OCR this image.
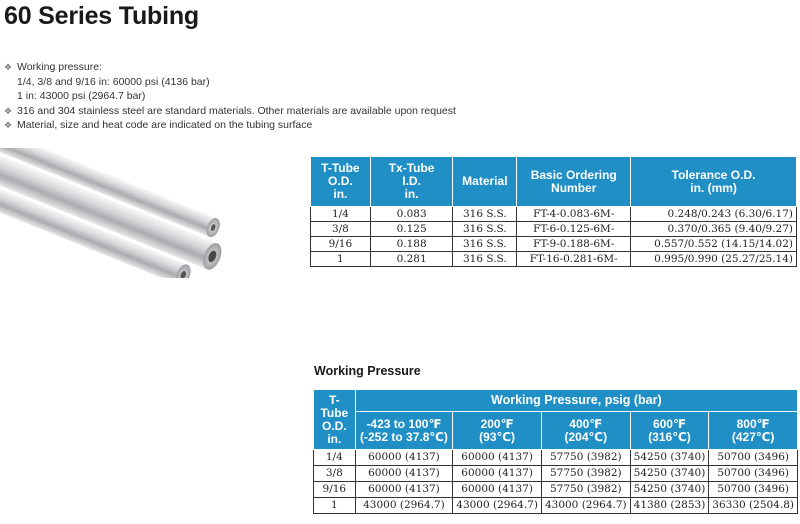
60 Series Tubing
❖ Working pressure:
1/4, 3/8 and 9/16 in: 60000 psi (4136 bar)
1 in: 43000 psi (2964.7 bar)
❖ 316 and 304 stainless steel are standard materials. Other materials are available upon request
❖ Material, size and heat code are indicated on the tubing surface
T-Tube
O.D.
in.	Tx-Tube
I.D.
in.	Material	Basic Ordering
Number	Tolerance O.D.
in. (mm)

1/4	0.083	316 S.S.	FT-4-0.083-6M-	0.248/0.243 (6.30/6.17)
3/8	0.125	316 S.S.	FT-6-0.125-6M-	0.370/0.365 (9.40/9.27)
9/16	0.188	316 S.S.	FT-9-0.188-6M-	0.557/0.552 (14.15/14.02)
1	0.281	316 S.S.	FT-16-0.281-6M-	0.995/0.990 (25.27/25.14)
Working Pressure
T-Tube
O.D.
in.	Working Pressure, psig (bar)				

	-423 to 100℉
(-252 to 37.8℃)	200℉
(93℃)	400℉
(204℃)	600℉
(316℃)	800℉
(427℃)

1/4	60000 (4137)	60000 (4137)	57750 (3982)	54250 (3740)	50700 (3496)
3/8	60000 (4137)	60000 (4137)	57750 (3982)	54250 (3740)	50700 (3496)
9/16	60000 (4137)	60000 (4137)	57750 (3982)	54250 (3740)	50700 (3496)
1	43000 (2964.7)	43000 (2964.7)	43000 (2964.7)	41380 (2853)	36330 (2504.8)
